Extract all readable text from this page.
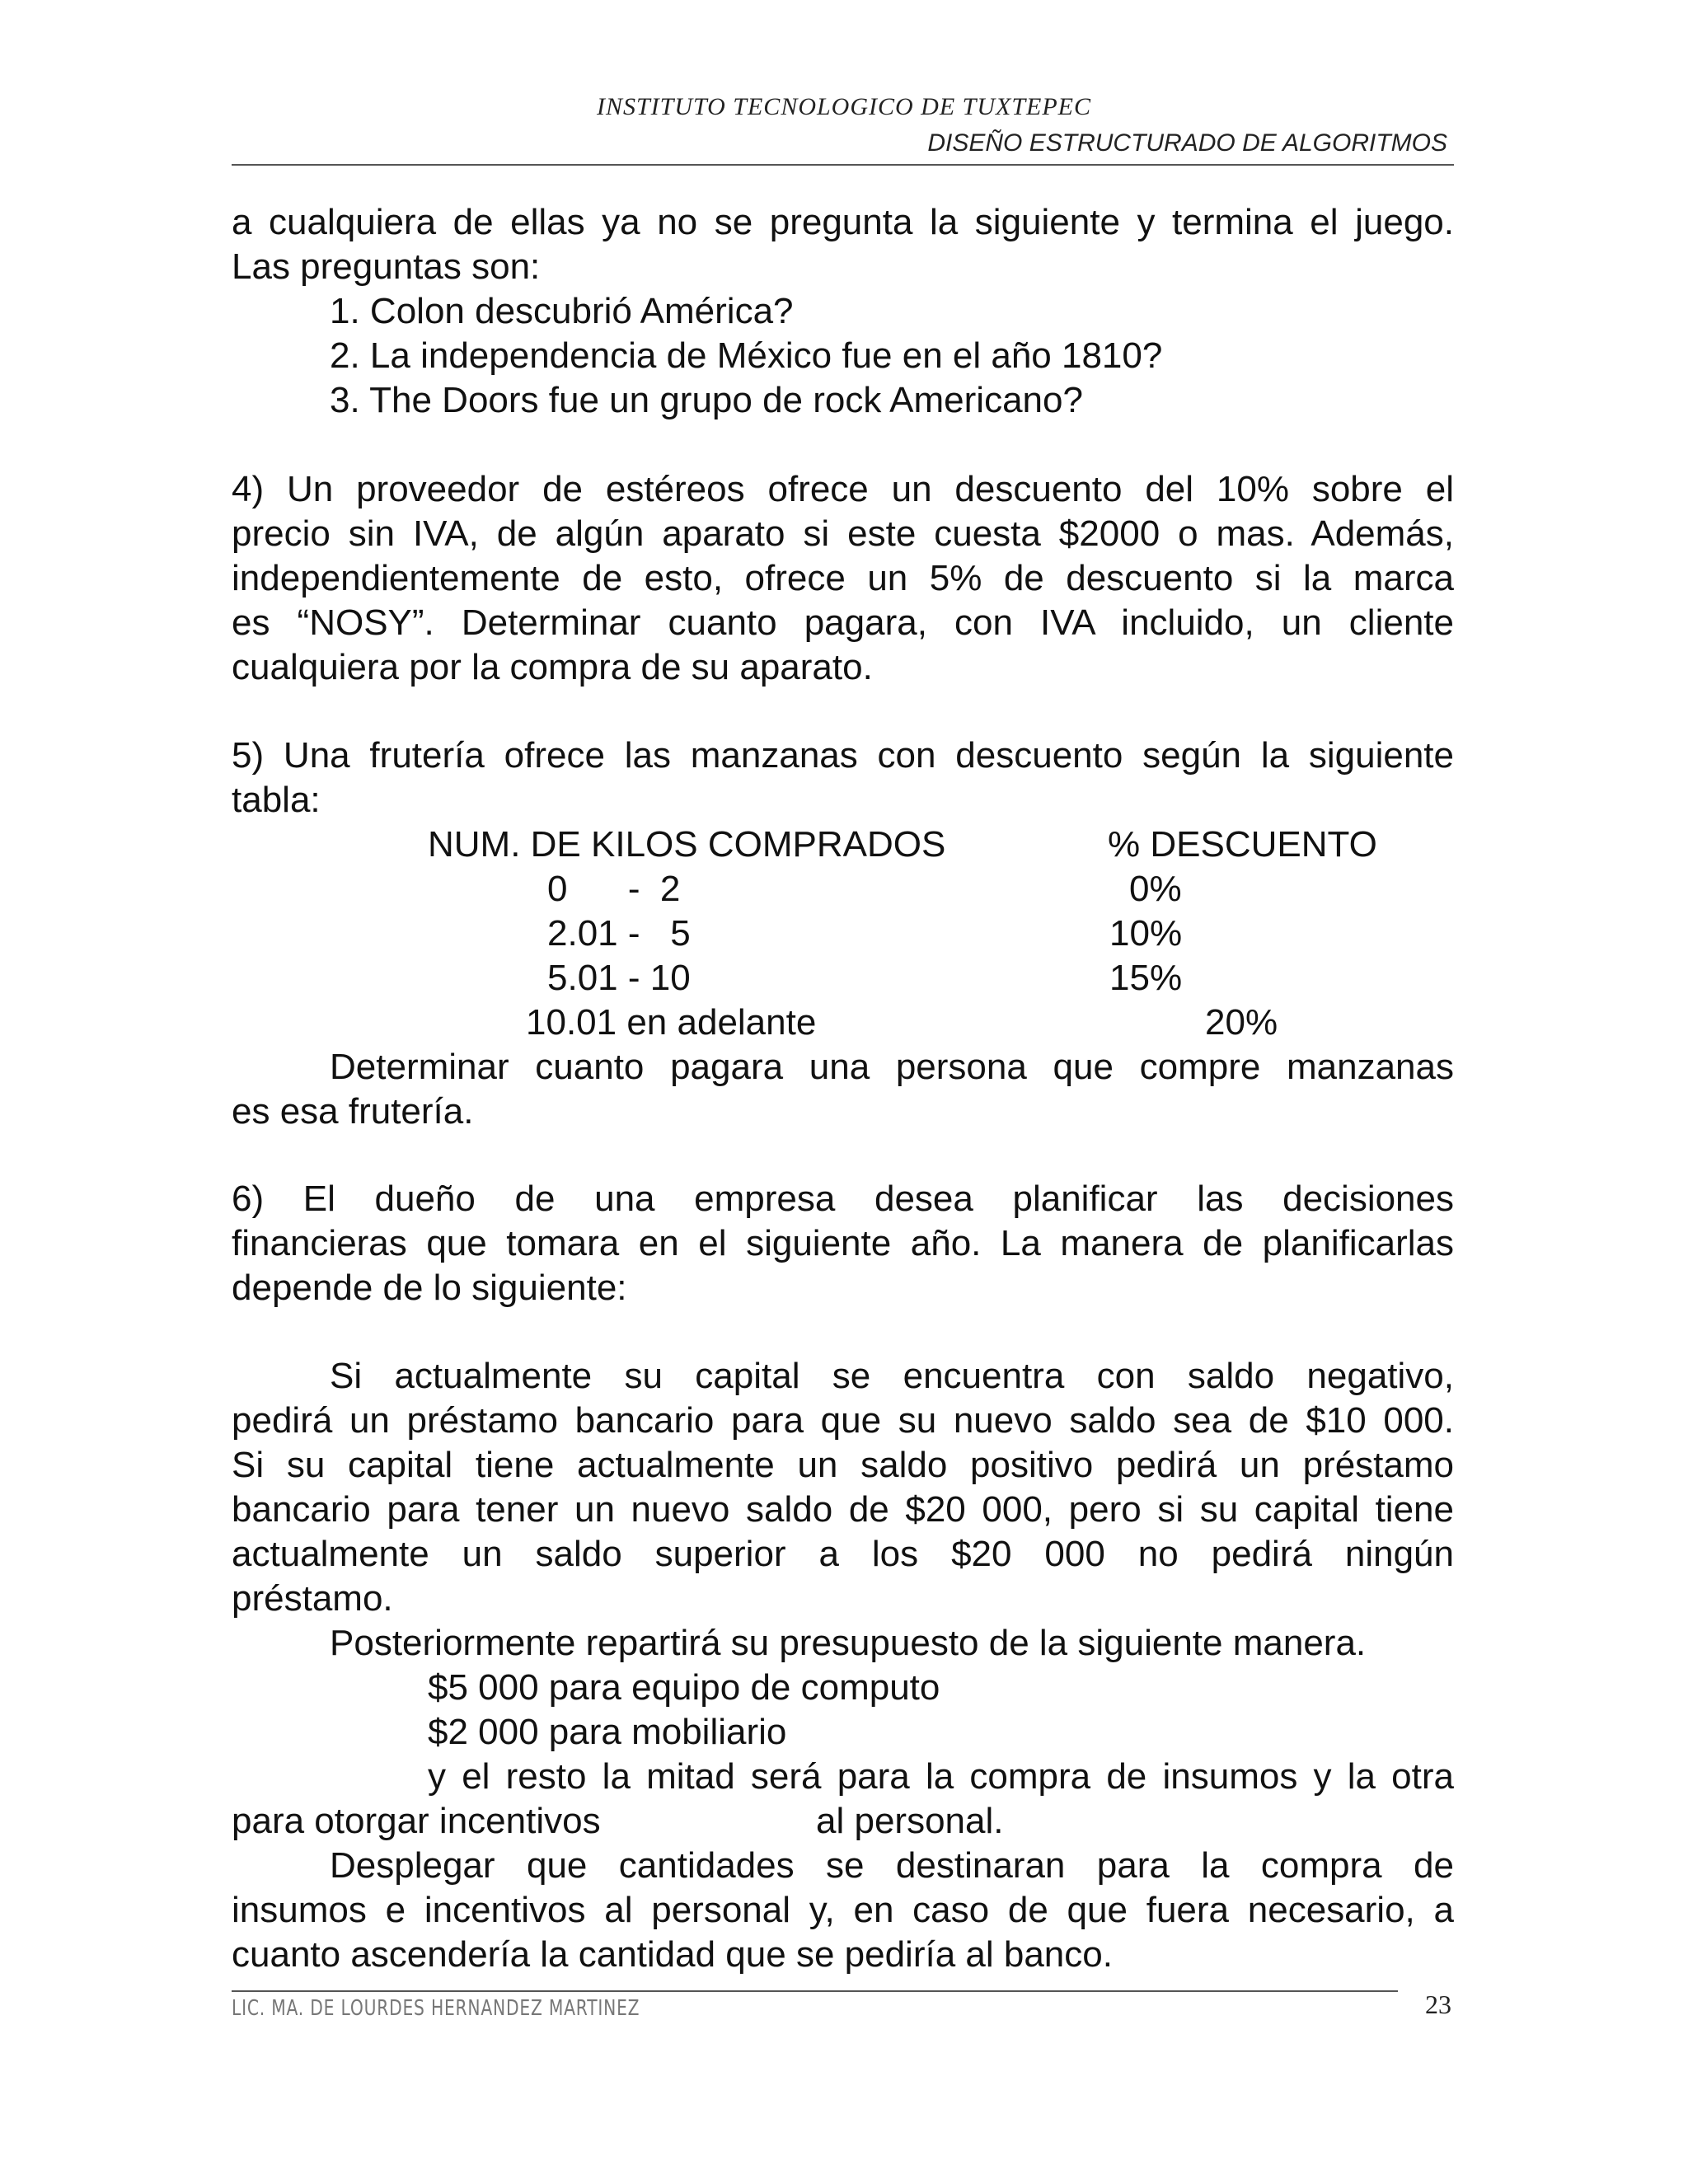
INSTITUTO TECNOLOGICO DE TUXTEPEC
DISEÑO ESTRUCTURADO DE ALGORITMOS
a cualquiera de ellas ya no se pregunta la siguiente y termina el juego.
Las preguntas son:
1. Colon descubrió América?
2. La independencia de México fue en el año 1810?
3. The Doors fue un grupo de rock Americano?
4) Un proveedor de estéreos ofrece un descuento del 10% sobre el
precio sin IVA, de algún aparato si este cuesta $2000 o mas. Además,
independientemente de esto, ofrece un 5% de descuento si la marca
es “NOSY”. Determinar cuanto pagara, con IVA incluido, un cliente
cualquiera por la compra de su aparato.
5) Una frutería ofrece las manzanas con descuento según la siguiente
tabla:
NUM. DE KILOS COMPRADOS	% DESCUENTO
0      -  2	0%
2.01 -   5	10%
5.01 - 10	15%
10.01 en adelante	20%
Determinar cuanto pagara una persona que compre manzanas
es esa frutería.
6) El dueño de una empresa desea planificar las decisiones
financieras que tomara en el siguiente año. La manera de planificarlas
depende de lo siguiente:
Si actualmente su capital se encuentra con saldo negativo,
pedirá un préstamo bancario para que su nuevo saldo sea de $10 000.
Si su capital tiene actualmente un saldo positivo pedirá un préstamo
bancario para tener un nuevo saldo de $20 000, pero si su capital tiene
actualmente un saldo superior a los $20 000 no pedirá ningún
préstamo.
Posteriormente repartirá su presupuesto de la siguiente manera.
$5 000 para equipo de computo
$2 000 para mobiliario
y el resto la mitad será para la compra de insumos y la otra
para otorgar incentivos	al personal.
Desplegar que cantidades se destinaran para la compra de
insumos e incentivos al personal y, en caso de que fuera necesario, a
cuanto ascendería la cantidad que se pediría al banco.
LIC. MA. DE LOURDES HERNANDEZ MARTINEZ	23
